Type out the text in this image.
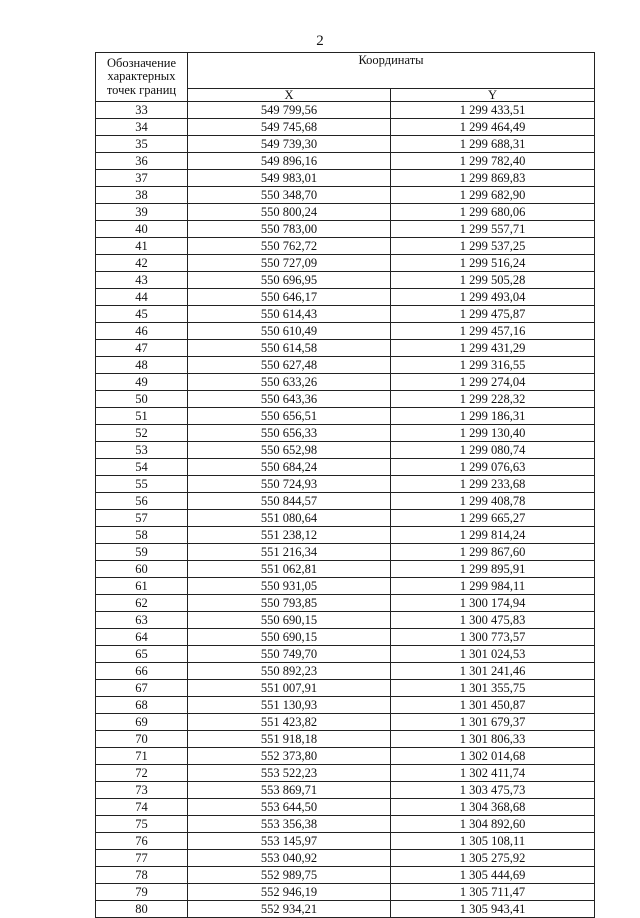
2
Обозначение характерных точек границ	Координаты	
	X	Y
33	549 799,56	1 299 433,51
34	549 745,68	1 299 464,49
35	549 739,30	1 299 688,31
36	549 896,16	1 299 782,40
37	549 983,01	1 299 869,83
38	550 348,70	1 299 682,90
39	550 800,24	1 299 680,06
40	550 783,00	1 299 557,71
41	550 762,72	1 299 537,25
42	550 727,09	1 299 516,24
43	550 696,95	1 299 505,28
44	550 646,17	1 299 493,04
45	550 614,43	1 299 475,87
46	550 610,49	1 299 457,16
47	550 614,58	1 299 431,29
48	550 627,48	1 299 316,55
49	550 633,26	1 299 274,04
50	550 643,36	1 299 228,32
51	550 656,51	1 299 186,31
52	550 656,33	1 299 130,40
53	550 652,98	1 299 080,74
54	550 684,24	1 299 076,63
55	550 724,93	1 299 233,68
56	550 844,57	1 299 408,78
57	551 080,64	1 299 665,27
58	551 238,12	1 299 814,24
59	551 216,34	1 299 867,60
60	551 062,81	1 299 895,91
61	550 931,05	1 299 984,11
62	550 793,85	1 300 174,94
63	550 690,15	1 300 475,83
64	550 690,15	1 300 773,57
65	550 749,70	1 301 024,53
66	550 892,23	1 301 241,46
67	551 007,91	1 301 355,75
68	551 130,93	1 301 450,87
69	551 423,82	1 301 679,37
70	551 918,18	1 301 806,33
71	552 373,80	1 302 014,68
72	553 522,23	1 302 411,74
73	553 869,71	1 303 475,73
74	553 644,50	1 304 368,68
75	553 356,38	1 304 892,60
76	553 145,97	1 305 108,11
77	553 040,92	1 305 275,92
78	552 989,75	1 305 444,69
79	552 946,19	1 305 711,47
80	552 934,21	1 305 943,41
